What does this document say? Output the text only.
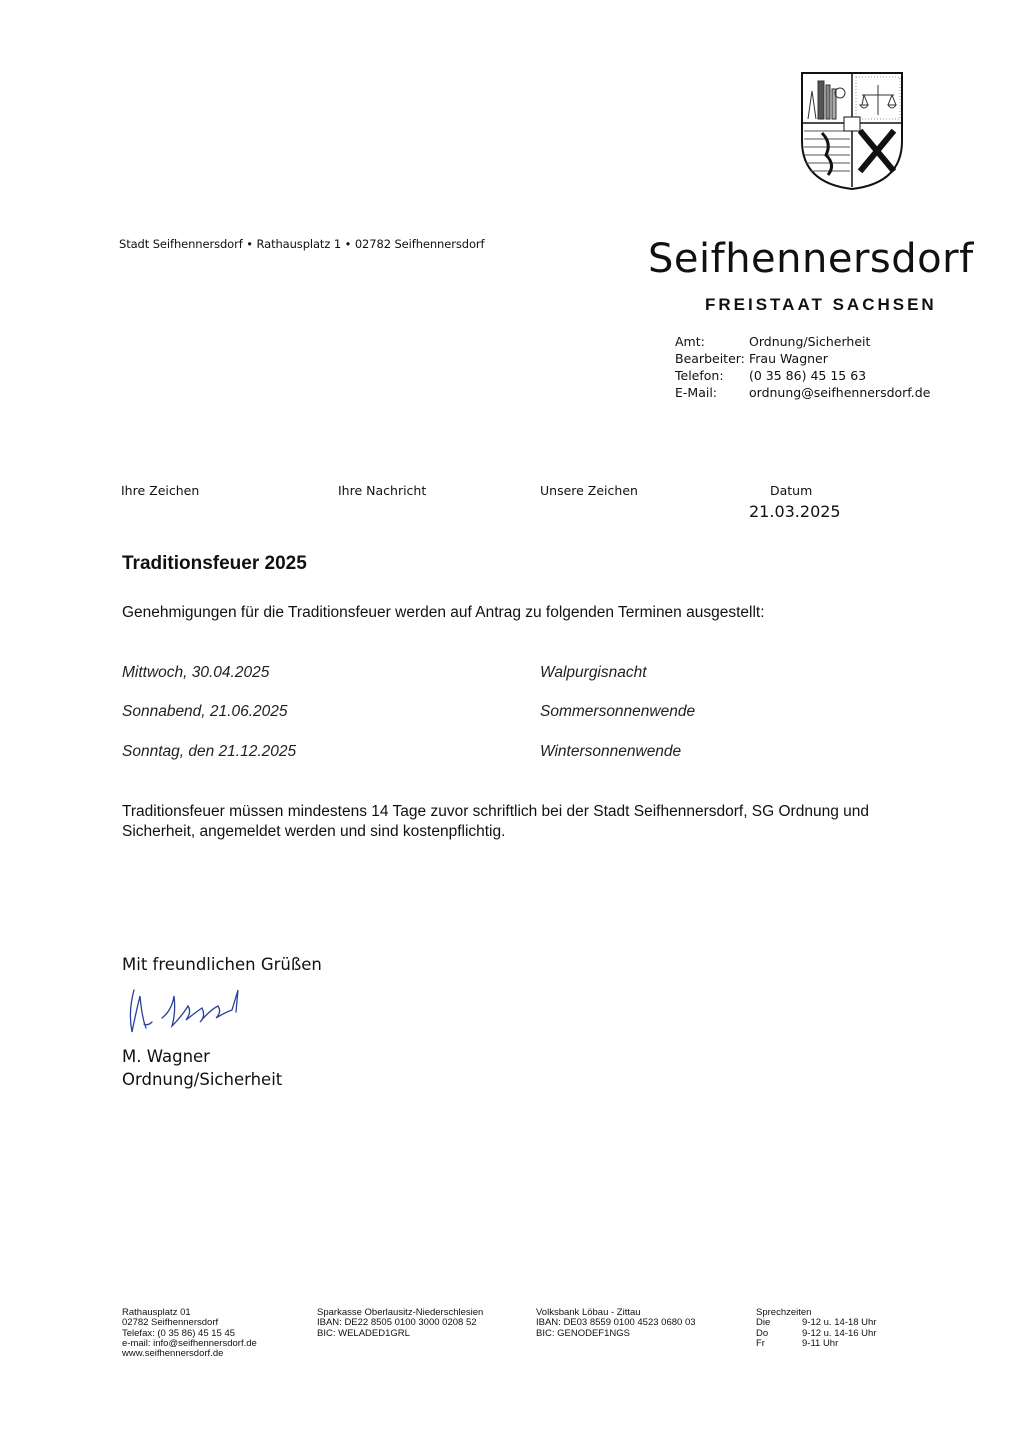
Stadt Seifhennersdorf • Rathausplatz 1 • 02782 Seifhennersdorf	Seifhennersdorf
FREISTAAT SACHSEN
Amt:	Ordnung/Sicherheit
Bearbeiter: Frau Wagner
Telefon: (0 35 86) 45 15 63
E-Mail:	ordnung@seifhennersdorf.de
Ihre Zeichen	Ihre Nachricht	Unsere Zeichen	Datum
21.03.2025
Traditionsfeuer 2025
Genehmigungen für die Traditionsfeuer werden auf Antrag zu folgenden Terminen ausgestellt:
Mittwoch, 30.04.2025	Walpurgisnacht
Sonnabend, 21.06.2025	Sommersonnenwende
Sonntag, den 21.12.2025	Wintersonnenwende
Traditionsfeuer müssen mindestens 14 Tage zuvor schriftlich bei der Stadt Seifhennersdorf, SG Ordnung und Sicherheit, angemeldet werden und sind kostenpflichtig.
Mit freundlichen Grüßen
M. Wagner
Ordnung/Sicherheit
Rathausplatz 01
02782 Seifhennersdorf
Telefax: (0 35 86) 45 15 45
e-mail: info@seifhennersdorf.de
www.seifhennersdorf.de
Sparkasse Oberlausitz-Niederschlesien
IBAN: DE22 8505 0100 3000 0208 52
BIC: WELADED1GRL
Volksbank Löbau - Zittau
IBAN: DE03 8559 0100 4523 0680 03
BIC: GENODEF1NGS
Sprechzeiten
Die	9-12 u. 14-18 Uhr
Do	9-12 u. 14-16 Uhr
Fr	9-11 Uhr
